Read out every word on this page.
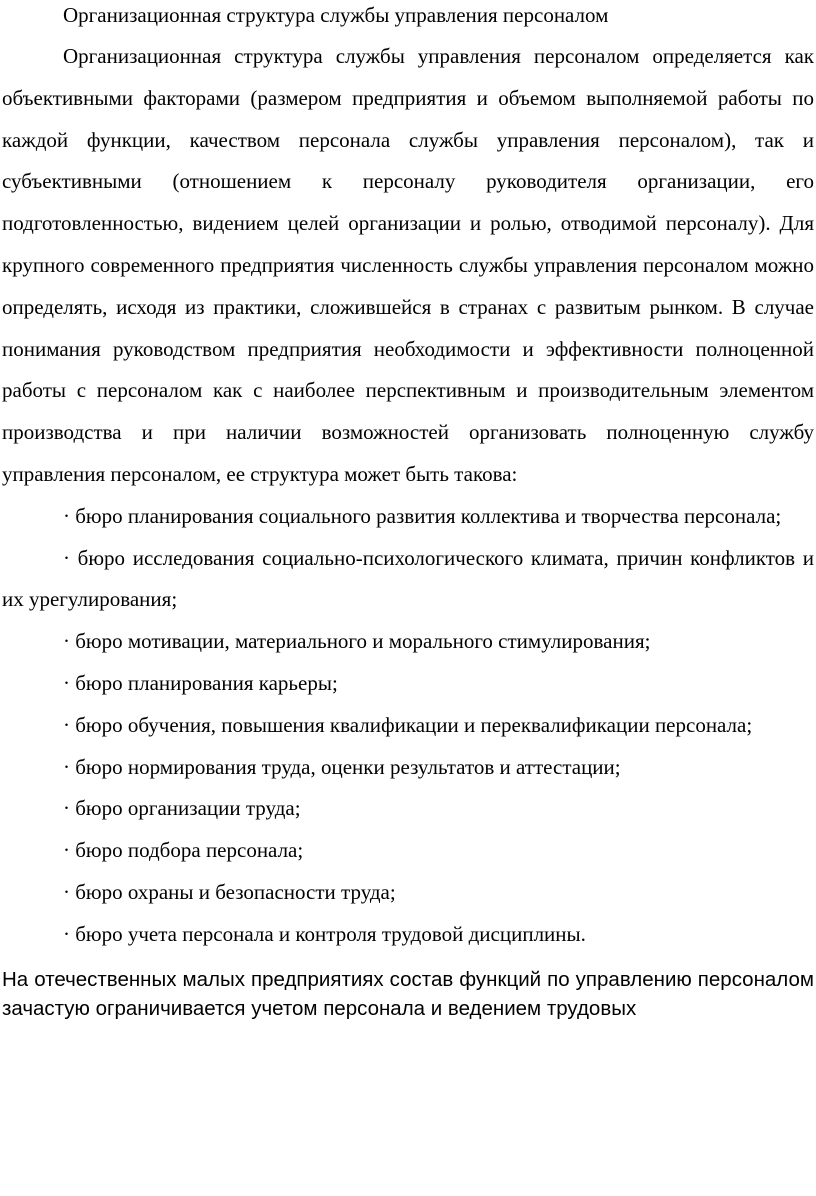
Организационная структура службы управления персоналом

Организационная структура службы управления персоналом определяется как объективными факторами (размером предприятия и объемом выполняемой работы по каждой функции, качеством персонала службы управления персоналом), так и субъективными (отношением к персоналу руководителя организации, его подготовленностью, видением целей организации и ролью, отводимой персоналу). Для крупного современного предприятия численность службы управления персоналом можно определять, исходя из практики, сложившейся в странах с развитым рынком. В случае понимания руководством предприятия необходимости и эффективности полноценной работы с персоналом как с наиболее перспективным и производительным элементом производства и при наличии возможностей организовать полноценную службу управления персоналом, ее структура может быть такова:

· бюро планирования социального развития коллектива и творчества персонала;
· бюро исследования социально-психологического климата, причин конфликтов и их урегулирования;
· бюро мотивации, материального и морального стимулирования;
· бюро планирования карьеры;
· бюро обучения, повышения квалификации и переквалификации персонала;
· бюро нормирования труда, оценки результатов и аттестации;
· бюро организации труда;
· бюро подбора персонала;
· бюро охраны и безопасности труда;
· бюро учета персонала и контроля трудовой дисциплины.

На отечественных малых предприятиях состав функций по управлению персоналом зачастую ограничивается учетом персонала и ведением трудовых
